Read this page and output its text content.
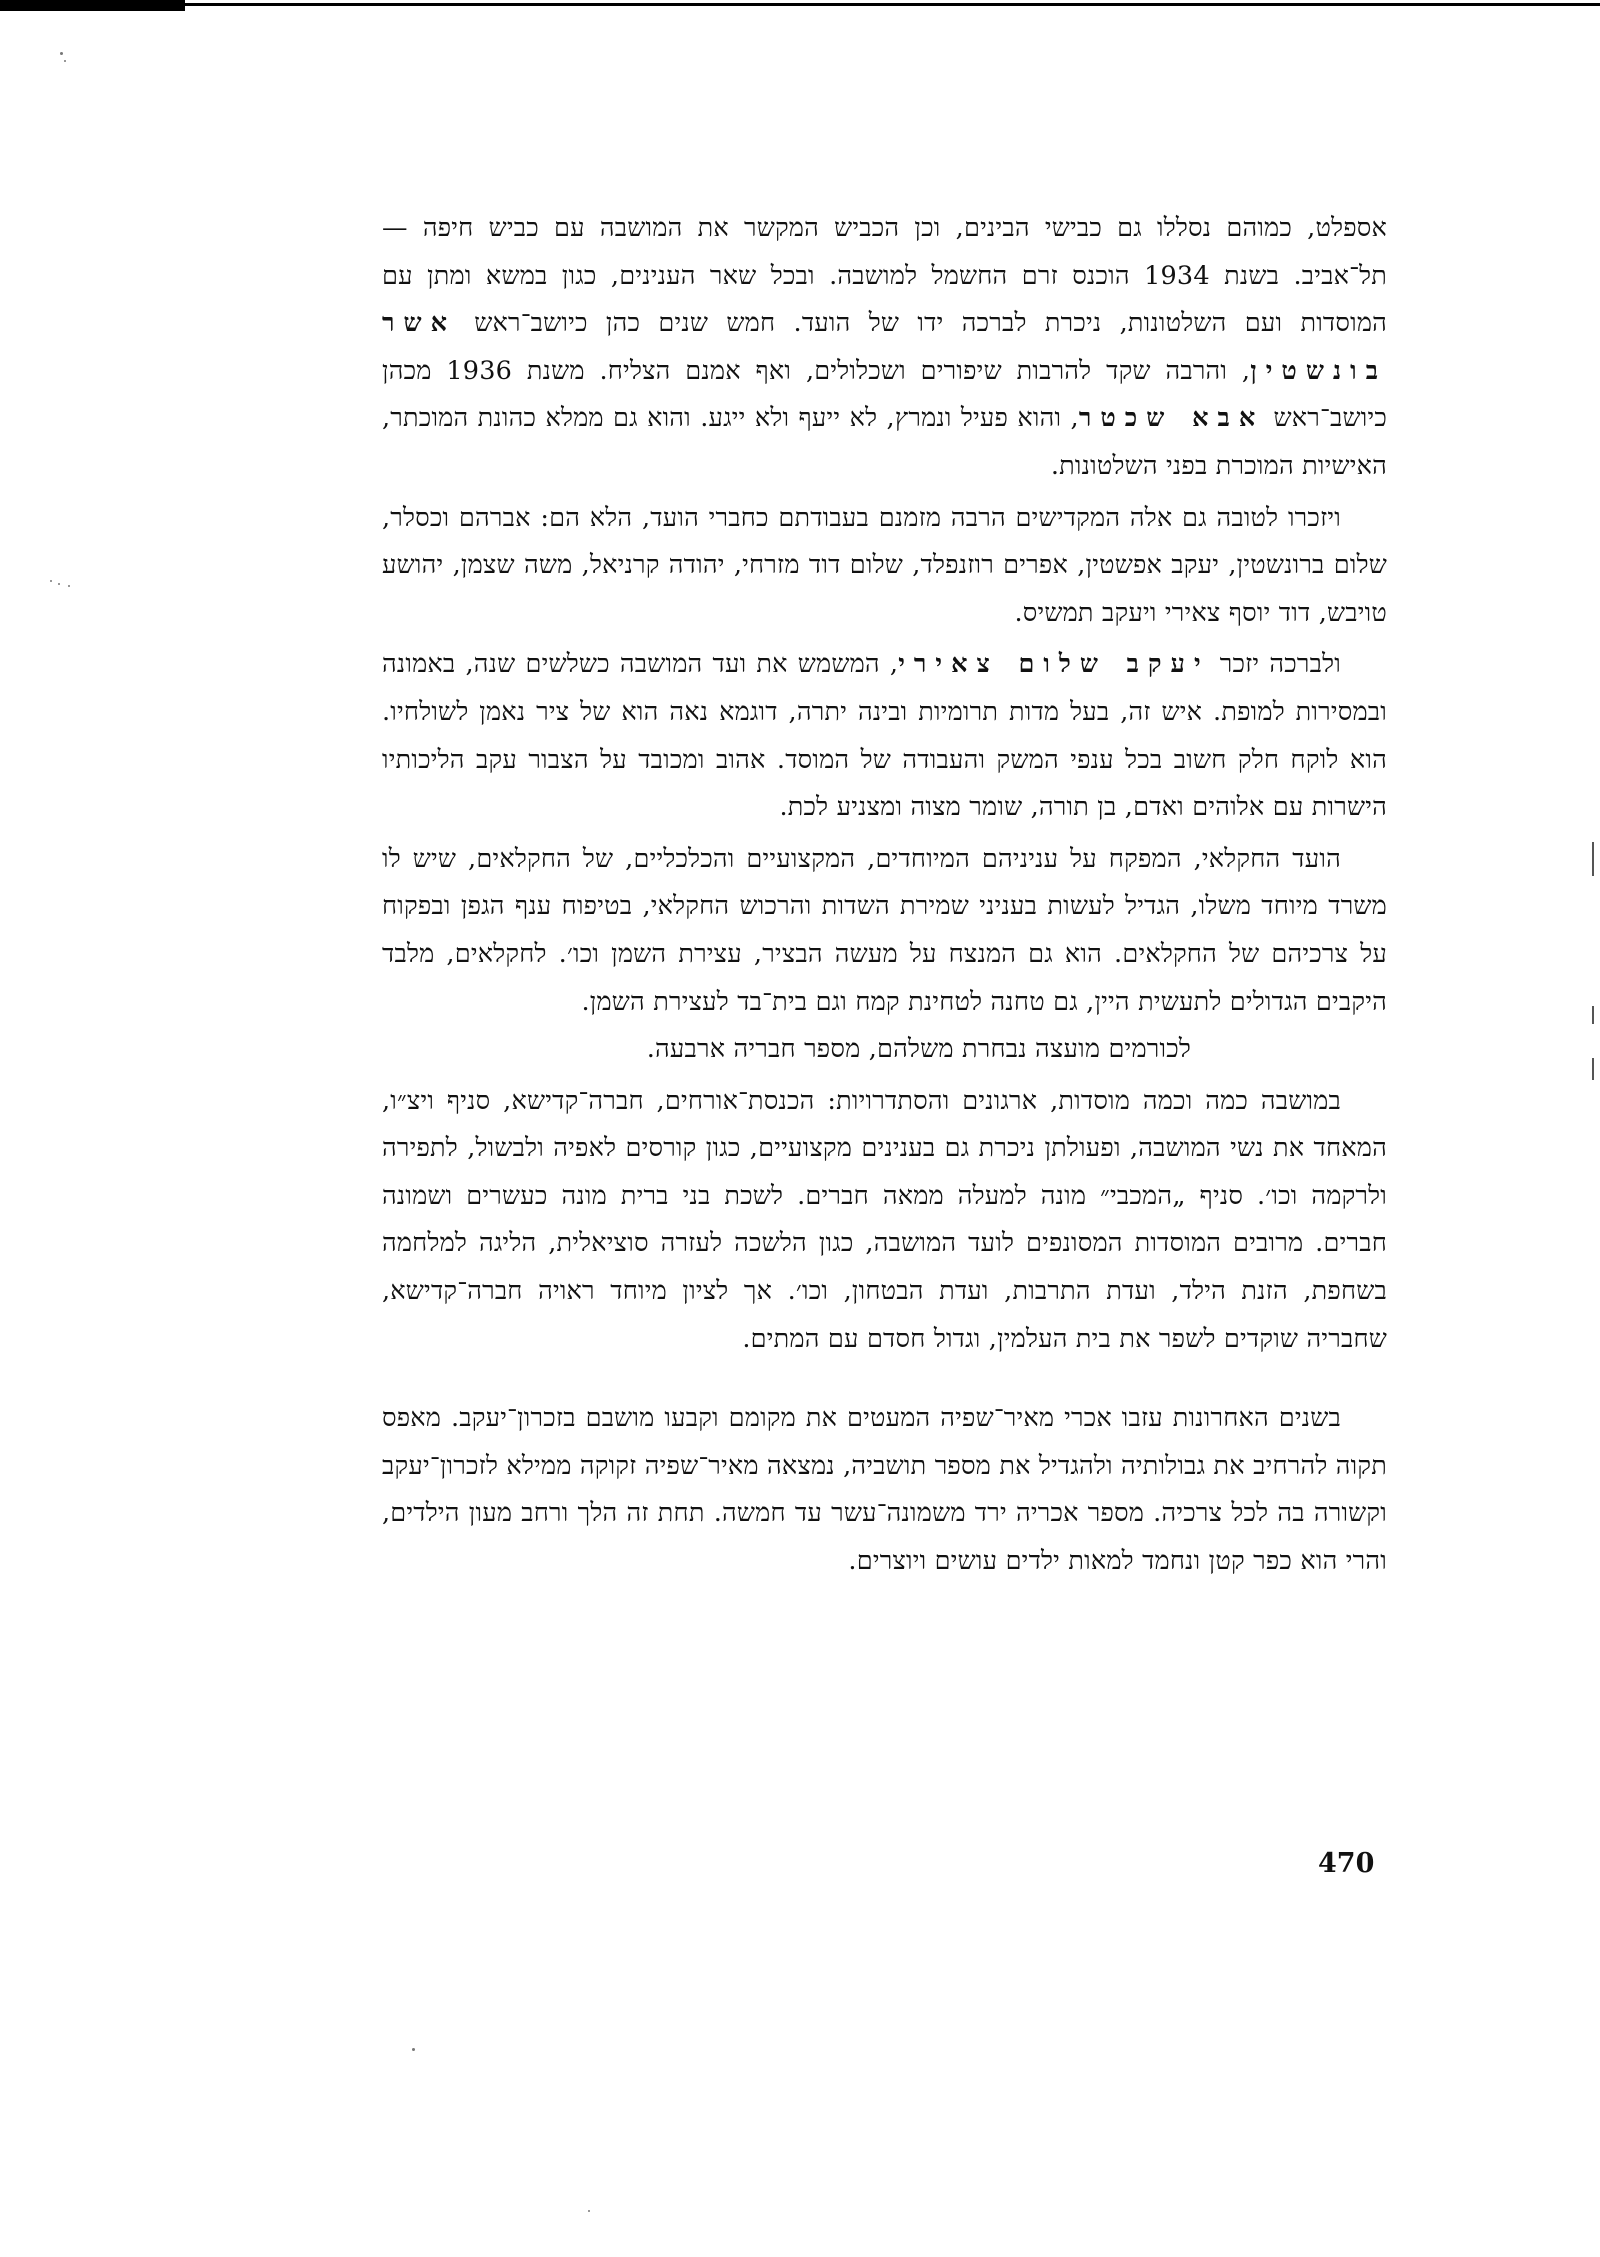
אספלט, כמוהם נסללו גם כבישי הבינים, וכן הכביש המקשר את המושבה עם כביש חיפה — תל־אביב. בשנת 1934 הוכנס זרם החשמל למושבה. ובכל שאר הענינים, כגון במשא ומתן עם המוסדות ועם השלטונות, ניכרת לברכה ידו של הועד. חמש שנים כהן כיושב־ראש אשר בונשטין, והרבה שקד להרבות שיפורים ושכלולים, ואף אמנם הצליח. משנת 1936 מכהן כיושב־ראש אבא שכטר, והוא פעיל ונמרץ, לא ייעף ולא ייגע. והוא גם ממלא כהונת המוכתר, האישיות המוכרת בפני השלטונות.

ויזכרו לטובה גם אלה המקדישים הרבה מזמנם בעבודתם כחברי הועד, הלא הם: אברהם וכסלר, שלום ברונשטין, יעקב אפשטין, אפרים רוזנפלד, שלום דוד מזרחי, יהודה קרניאל, משה שצמן, יהושע טויבש, דוד יוסף צאירי ויעקב תמשיס.

ולברכה יזכר יעקב שלום צאירי, המשמש את ועד המושבה כשלשים שנה, באמונה ובמסירות למופת. איש זה, בעל מדות תרומיות ובינה יתרה, דוגמא נאה הוא של ציר נאמן לשולחיו. הוא לוקח חלק חשוב בכל ענפי המשק והעבודה של המוסד. אהוב ומכובד על הצבור עקב הליכותיו הישרות עם אלוהים ואדם, בן תורה, שומר מצוה ומצניע לכת.

הועד החקלאי, המפקח על עניניהם המיוחדים, המקצועיים והכלכליים, של החקלאים, שיש לו משרד מיוחד משלו, הגדיל לעשות בעניני שמירת השדות והרכוש החקלאי, בטיפוח ענף הגפן ובפקוח על צרכיהם של החקלאים. הוא גם המנצח על מעשה הבציר, עצירת השמן וכו׳. לחקלאים, מלבד היקבים הגדולים לתעשית היין, גם טחנה לטחינת קמח וגם בית־בד לעצירת השמן.

לכורמים מועצה נבחרת משלהם, מספר חבריה ארבעה.

במושבה כמה וכמה מוסדות, ארגונים והסתדרויות: הכנסת־אורחים, חברה־קדישא, סניף ויצ״ו, המאחד את נשי המושבה, ופעולתן ניכרת גם בענינים מקצועיים, כגון קורסים לאפיה ולבשול, לתפירה ולרקמה וכו׳. סניף „המכבי״ מונה למעלה ממאה חברים. לשכת בני ברית מונה כעשרים ושמונה חברים. מרובים המוסדות המסונפים לועד המושבה, כגון הלשכה לעזרה סוציאלית, הליגה למלחמה בשחפת, הזנת הילד, ועדת התרבות, ועדת הבטחון, וכו׳. אך לציון מיוחד ראויה חברה־קדישא, שחבריה שוקדים לשפר את בית העלמין, וגדול חסדם עם המתים.

בשנים האחרונות עזבו אכרי מאיר־שפיה המעטים את מקומם וקבעו מושבם בזכרון־יעקב. מאפס תקוה להרחיב את גבולותיה ולהגדיל את מספר תושביה, נמצאה מאיר־שפיה זקוקה ממילא לזכרון־יעקב וקשורה בה לכל צרכיה. מספר אכריה ירד משמונה־עשר עד חמשה. תחת זה הלך ורחב מעון הילדים, והרי הוא כפר קטן ונחמד למאות ילדים עושים ויוצרים.

470
